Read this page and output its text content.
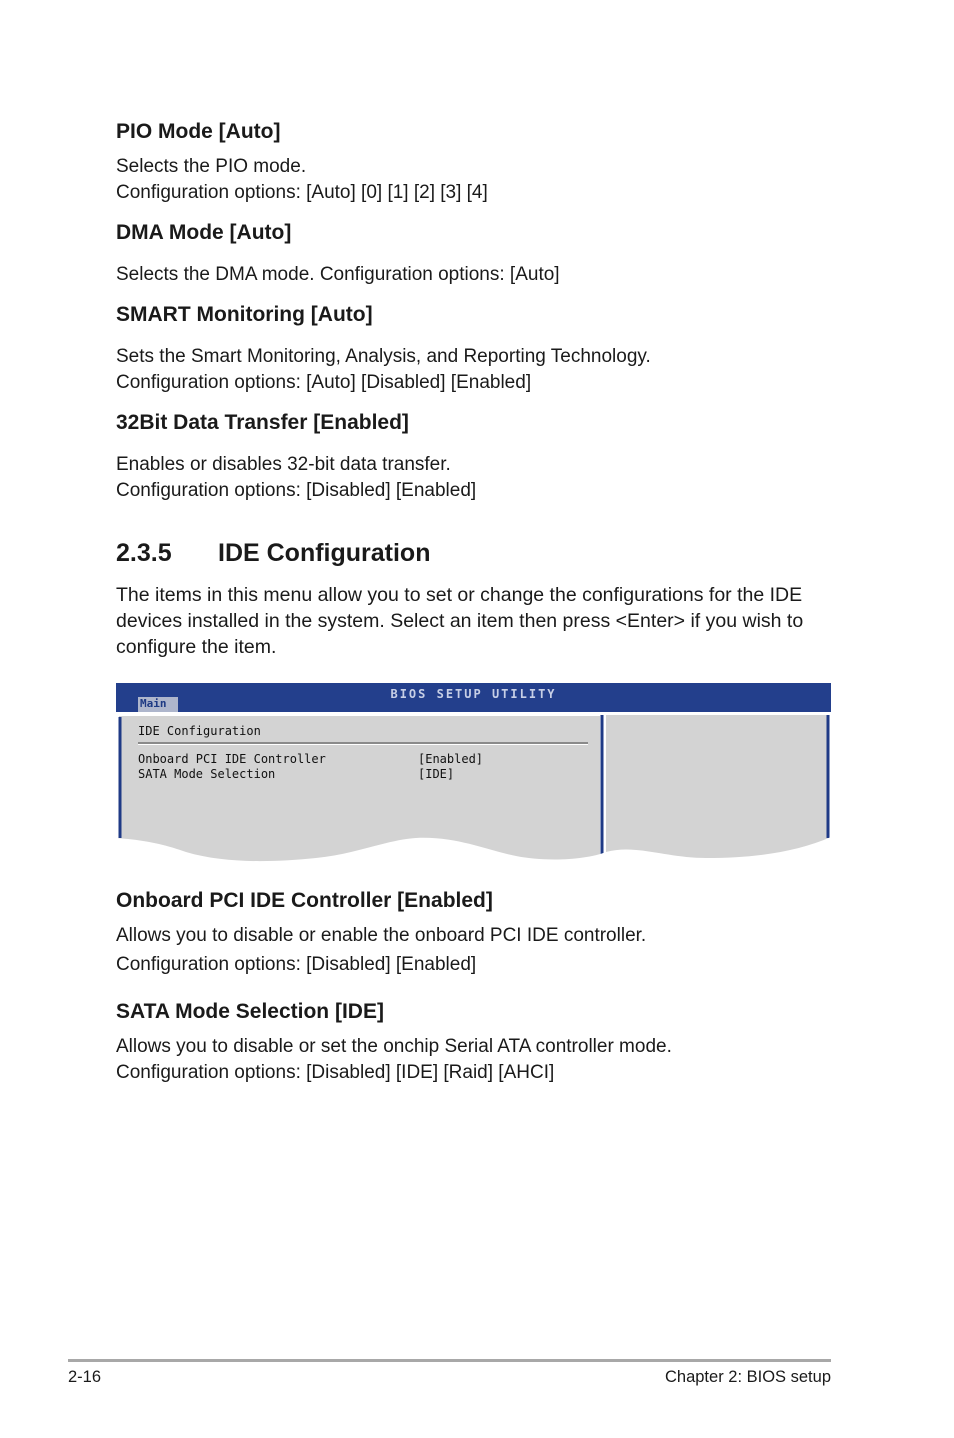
PIO Mode [Auto]
Selects the PIO mode.
Configuration options: [Auto] [0] [1] [2] [3] [4]
DMA Mode [Auto]
Selects the DMA mode. Configuration options: [Auto]
SMART Monitoring [Auto]
Sets the Smart Monitoring, Analysis, and Reporting Technology.
Configuration options: [Auto] [Disabled] [Enabled]
32Bit Data Transfer [Enabled]
Enables or disables 32-bit data transfer.
Configuration options: [Disabled] [Enabled]
2.3.5 IDE Configuration
The items in this menu allow you to set or change the configurations for the IDE devices installed in the system. Select an item then press <Enter> if you wish to configure the item.
Main
BIOS SETUP UTILITY
IDE Configuration
Onboard PCI IDE Controller	[Enabled]
SATA Mode Selection	[IDE]
Onboard PCI IDE Controller [Enabled]
Allows you to disable or enable the onboard PCI IDE controller.
Configuration options: [Disabled] [Enabled]
SATA Mode Selection [IDE]
Allows you to disable or set the onchip Serial ATA controller mode.
Configuration options: [Disabled] [IDE] [Raid] [AHCI]
2-16	Chapter 2: BIOS setup
